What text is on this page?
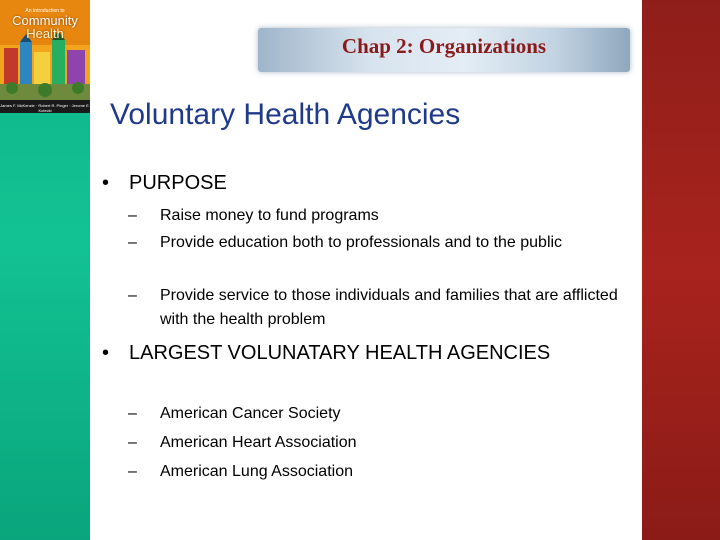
An Introduction to
Community
Health
James F. McKenzie · Robert R. Pinger · Jerome E. Kotecki
Chap 2: Organizations
Voluntary Health Agencies
• PURPOSE
–	Raise money to fund programs
–	Provide education both to professionals and to the public
–	Provide service to those individuals and families that are afflicted with the health problem
• LARGEST VOLUNATARY HEALTH AGENCIES
–	American Cancer Society
–	American Heart Association
–	American Lung Association
